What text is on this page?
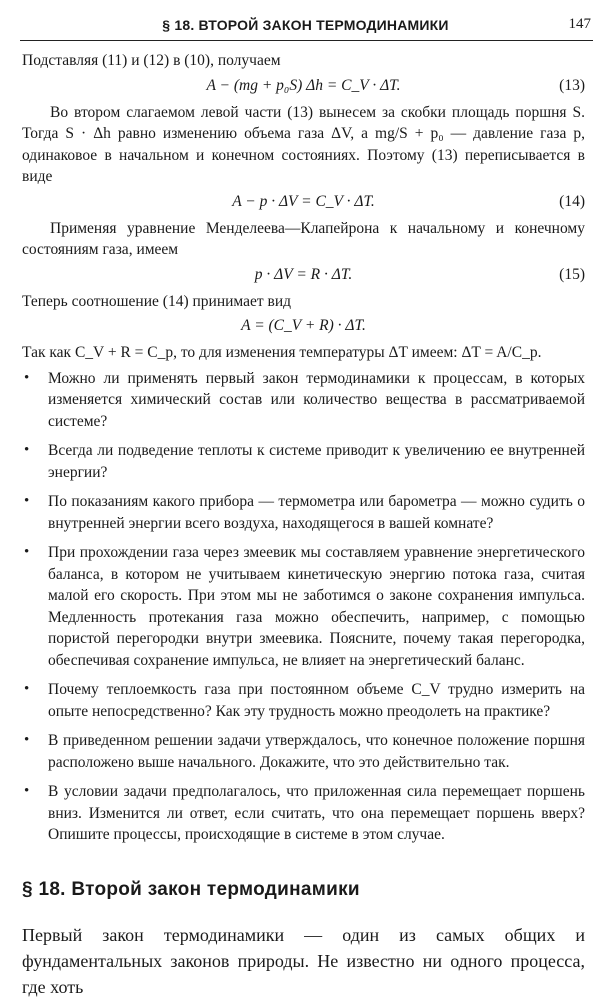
§ 18. ВТОРОЙ ЗАКОН ТЕРМОДИНАМИКИ	147

Подставляя (11) и (12) в (10), получаем

A − (mg + p₀S) Δh = C_V · ΔT.	(13)

Во втором слагаемом левой части (13) вынесем за скобки площадь поршня S. Тогда S · Δh равно изменению объема газа ΔV, а mg/S + p₀ — давление газа p, одинаковое в начальном и конечном состояниях. Поэтому (13) переписывается в виде

A − p · ΔV = C_V · ΔT.	(14)

Применяя уравнение Менделеева—Клапейрона к начальному и конечному состояниям газа, имеем

p · ΔV = R · ΔT.	(15)

Теперь соотношение (14) принимает вид

A = (C_V + R) · ΔT.

Так как C_V + R = C_p, то для изменения температуры ΔT имеем: ΔT = A/C_p.

• Можно ли применять первый закон термодинамики к процессам, в которых изменяется химический состав или количество вещества в рассматриваемой системе?
• Всегда ли подведение теплоты к системе приводит к увеличению ее внутренней энергии?
• По показаниям какого прибора — термометра или барометра — можно судить о внутренней энергии всего воздуха, находящегося в вашей комнате?
• При прохождении газа через змеевик мы составляем уравнение энергетического баланса, в котором не учитываем кинетическую энергию потока газа, считая малой его скорость. При этом мы не заботимся о законе сохранения импульса. Медленность протекания газа можно обеспечить, например, с помощью пористой перегородки внутри змеевика. Поясните, почему такая перегородка, обеспечивая сохранение импульса, не влияет на энергетический баланс.
• Почему теплоемкость газа при постоянном объеме C_V трудно измерить на опыте непосредственно? Как эту трудность можно преодолеть на практике?
• В приведенном решении задачи утверждалось, что конечное положение поршня расположено выше начального. Докажите, что это действительно так.
• В условии задачи предполагалось, что приложенная сила перемещает поршень вниз. Изменится ли ответ, если считать, что она перемещает поршень вверх? Опишите процессы, происходящие в системе в этом случае.
§ 18. Второй закон термодинамики

Первый закон термодинамики — один из самых общих и фундаментальных законов природы. Не известно ни одного процесса, где хоть
